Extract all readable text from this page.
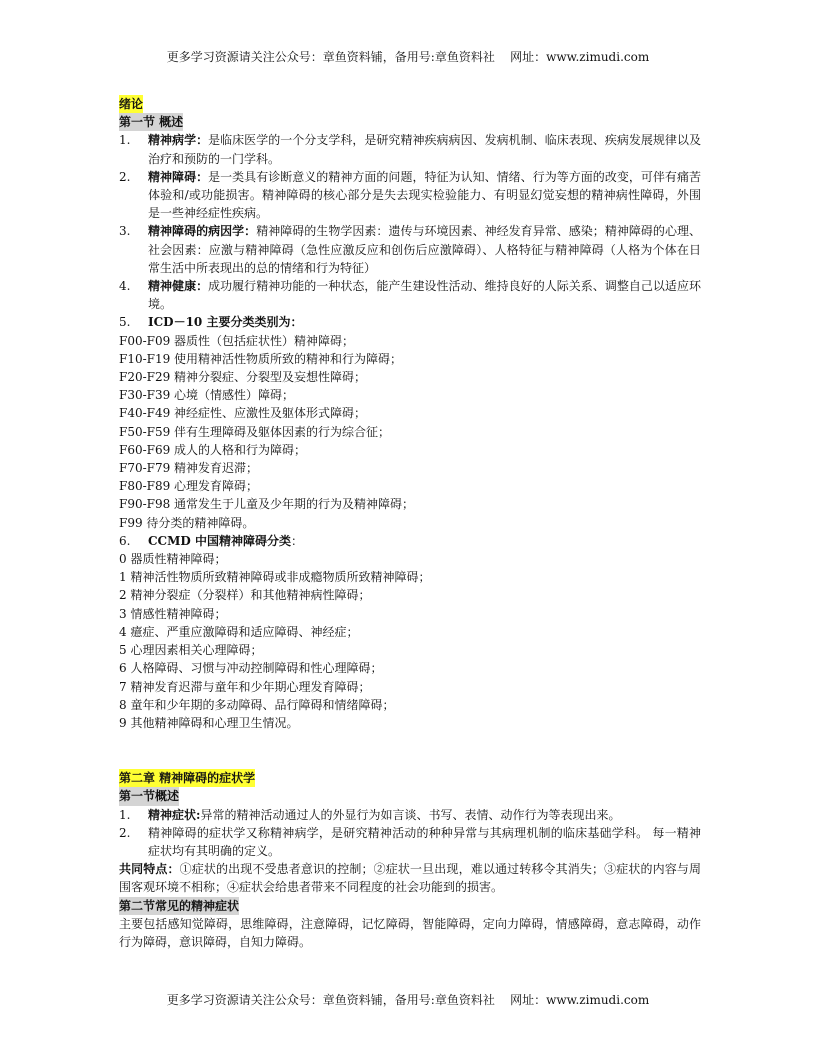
更多学习资源请关注公众号：章鱼资料铺，备用号:章鱼资料社    网址：www.zimudi.com
绪论
第一节 概述
1.	精神病学：是临床医学的一个分支学科，是研究精神疾病病因、发病机制、临床表现、疾病发展规律以及治疗和预防的一门学科。
2.	精神障碍：是一类具有诊断意义的精神方面的问题，特征为认知、情绪、行为等方面的改变，可伴有痛苦体验和/或功能损害。精神障碍的核心部分是失去现实检验能力、有明显幻觉妄想的精神病性障碍，外围是一些神经症性疾病。
3.	精神障碍的病因学：精神障碍的生物学因素：遗传与环境因素、神经发育异常、感染；精神障碍的心理、社会因素：应激与精神障碍（急性应激反应和创伤后应激障碍）、人格特征与精神障碍（人格为个体在日常生活中所表现出的总的情绪和行为特征）
4.	精神健康：成功履行精神功能的一种状态，能产生建设性活动、维持良好的人际关系、调整自己以适应环境。
5.	ICD－10 主要分类类别为：
F00-F09 器质性（包括症状性）精神障碍；
F10-F19 使用精神活性物质所致的精神和行为障碍；
F20-F29 精神分裂症、分裂型及妄想性障碍；
F30-F39 心境（情感性）障碍；
F40-F49 神经症性、应激性及躯体形式障碍；
F50-F59 伴有生理障碍及躯体因素的行为综合征；
F60-F69 成人的人格和行为障碍；
F70-F79 精神发育迟滞；
F80-F89 心理发育障碍；
F90-F98 通常发生于儿童及少年期的行为及精神障碍；
F99 待分类的精神障碍。
6.	CCMD 中国精神障碍分类：
0 器质性精神障碍；
1 精神活性物质所致精神障碍或非成瘾物质所致精神障碍；
2 精神分裂症（分裂样）和其他精神病性障碍；
3 情感性精神障碍；
4 癔症、严重应激障碍和适应障碍、神经症；
5 心理因素相关心理障碍；
6 人格障碍、习惯与冲动控制障碍和性心理障碍；
7 精神发育迟滞与童年和少年期心理发育障碍；
8 童年和少年期的多动障碍、品行障碍和情绪障碍；
9 其他精神障碍和心理卫生情况。
第二章 精神障碍的症状学
第一节概述
1.	精神症状:异常的精神活动通过人的外显行为如言谈、书写、表情、动作行为等表现出来。
2.	精神障碍的症状学又称精神病学，是研究精神活动的种种异常与其病理机制的临床基础学科。 每一精神症状均有其明确的定义。
共同特点：①症状的出现不受患者意识的控制；②症状一旦出现，难以通过转移令其消失；③症状的内容与周围客观环境不相称；④症状会给患者带来不同程度的社会功能到的损害。
第二节常见的精神症状
主要包括感知觉障碍，思维障碍，注意障碍，记忆障碍，智能障碍，定向力障碍，情感障碍，意志障碍，动作行为障碍，意识障碍，自知力障碍。
更多学习资源请关注公众号：章鱼资料铺，备用号:章鱼资料社    网址：www.zimudi.com
